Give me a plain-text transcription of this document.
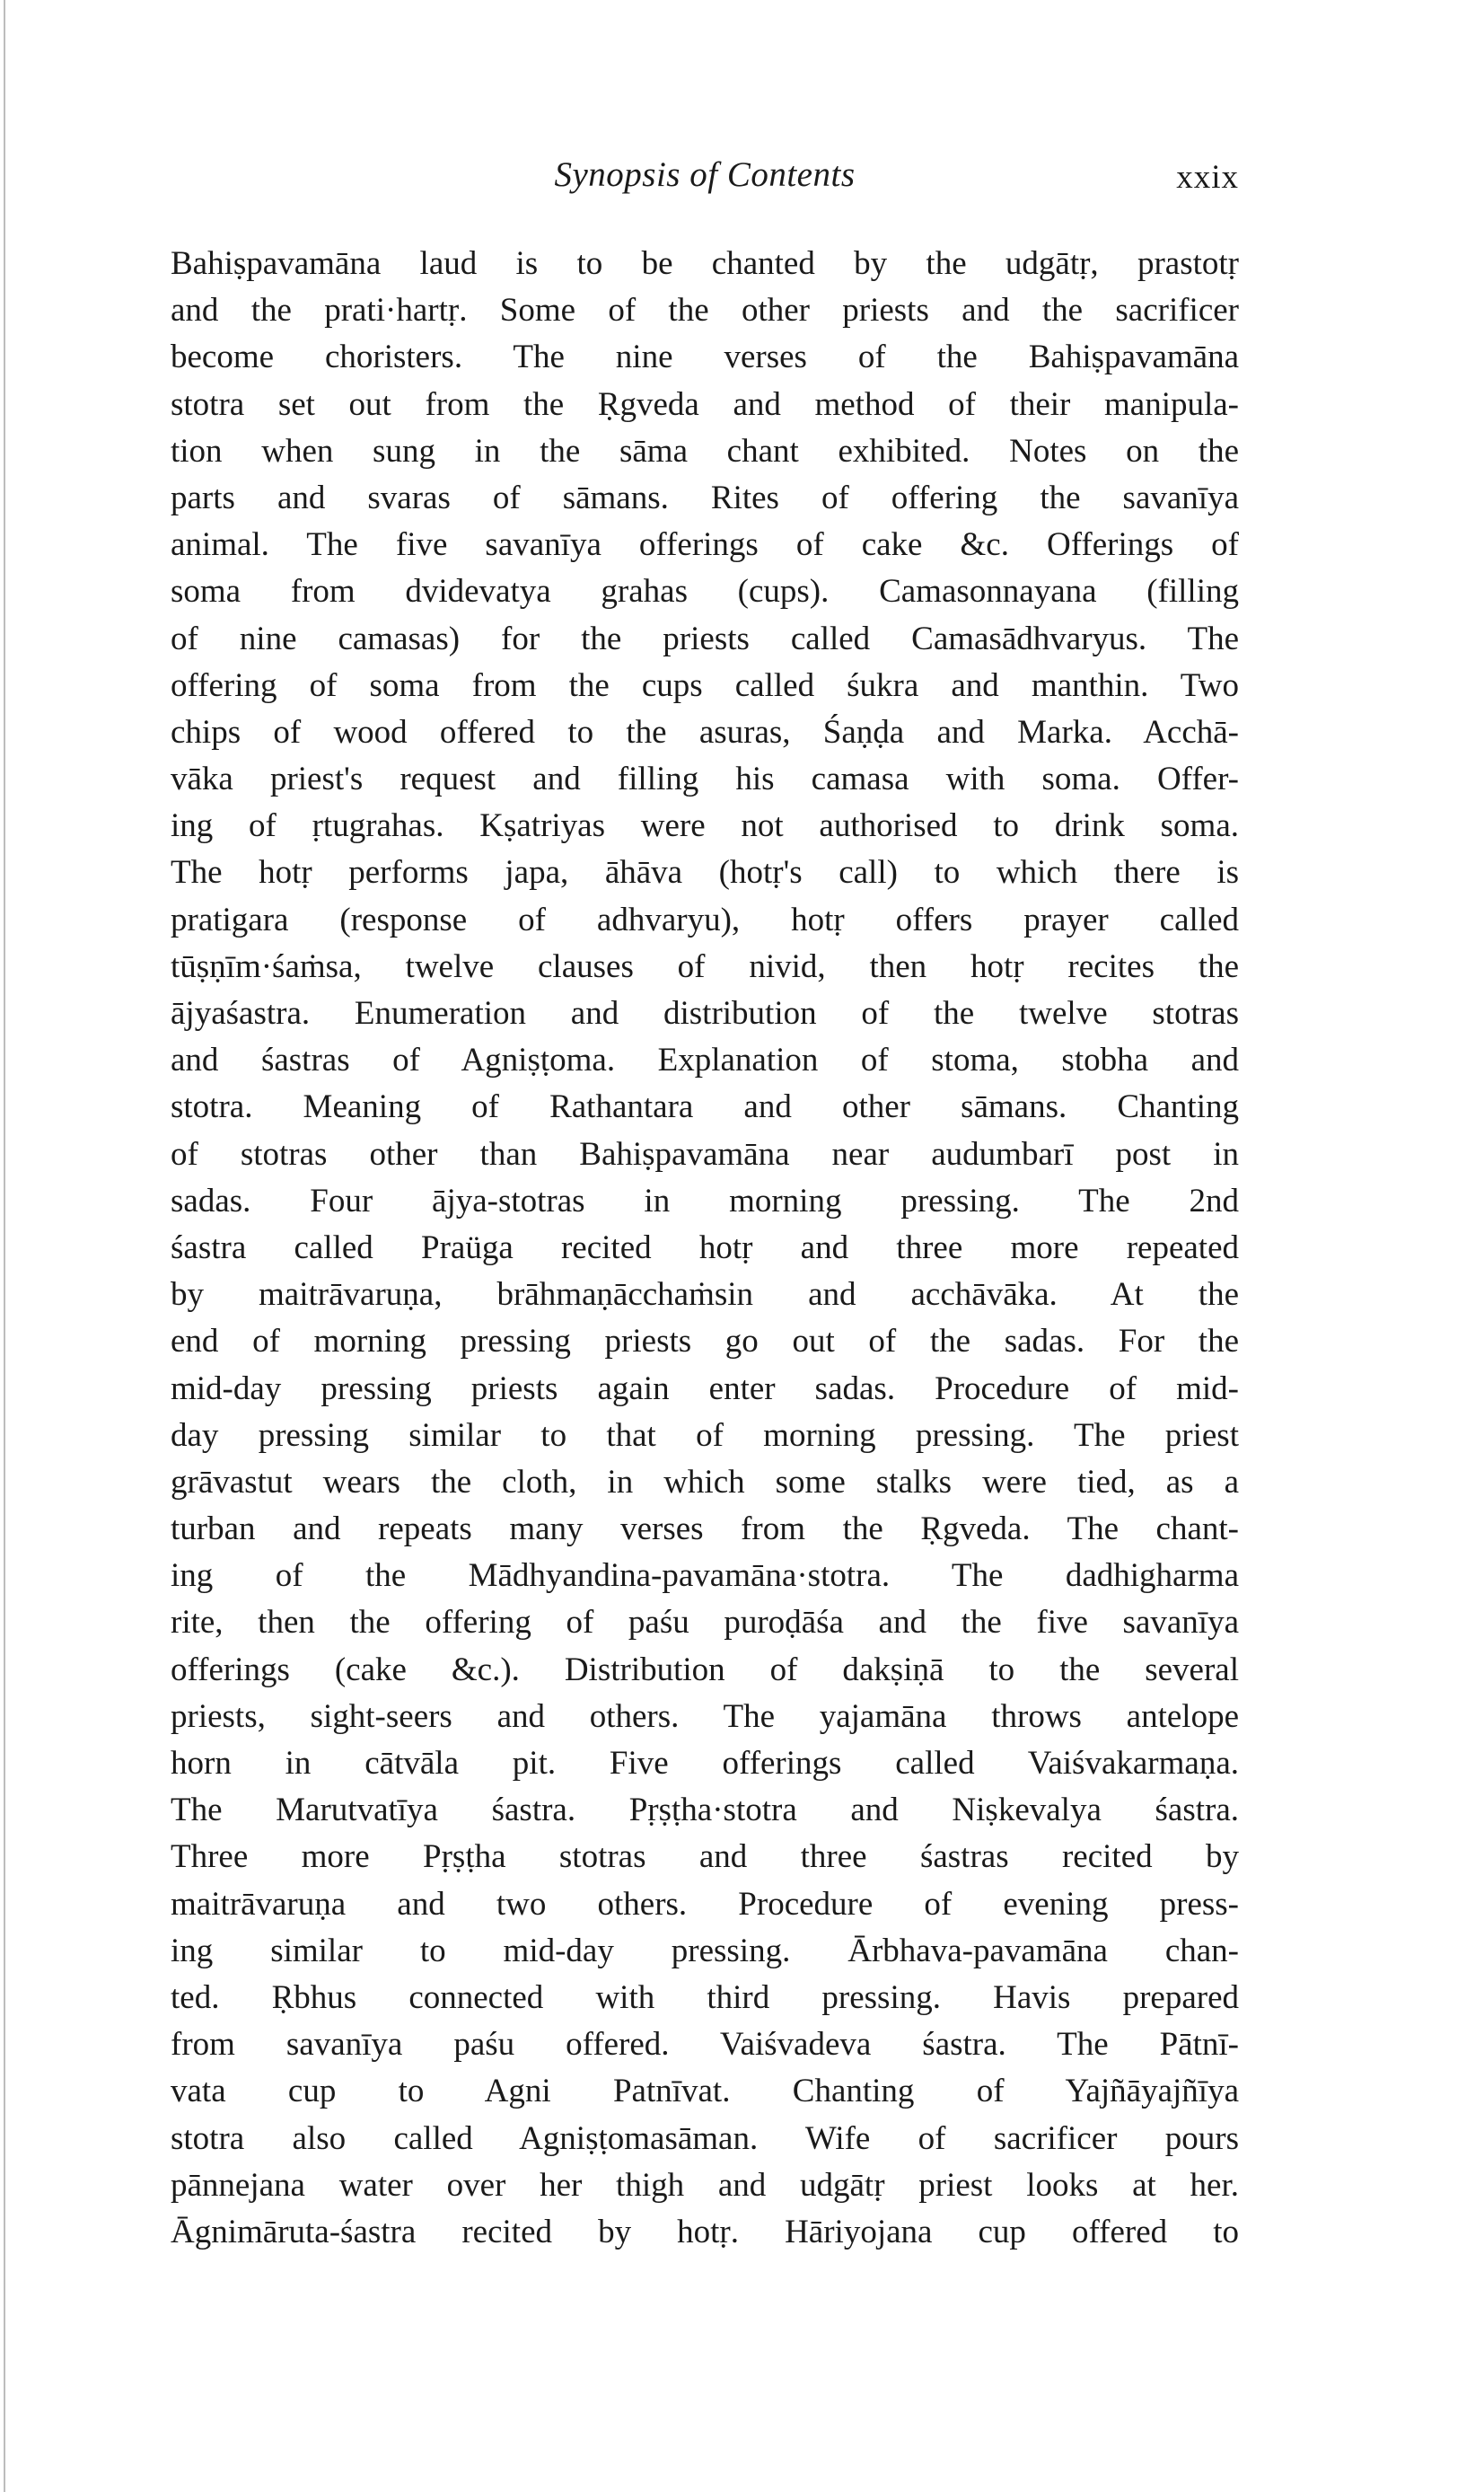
Synopsis of Contents	xxix
Bahiṣpavamāna laud is to be chanted by the udgātṛ, prastotṛ
and the prati·hartṛ. Some of the other priests and the sacrificer
become choristers. The nine verses of the Bahiṣpavamāna
stotra set out from the Ṛgveda and method of their manipula-
tion when sung in the sāma chant exhibited. Notes on the
parts and svaras of sāmans. Rites of offering the savanīya
animal. The five savanīya offerings of cake &c. Offerings of
soma from dvidevatya grahas (cups). Camasonnayana (filling
of nine camasas) for the priests called Camasādhvaryus. The
offering of soma from the cups called śukra and manthin. Two
chips of wood offered to the asuras, Śaṇḍa and Marka. Acchā-
vāka priest's request and filling his camasa with soma. Offer-
ing of ṛtugrahas. Kṣatriyas were not authorised to drink soma.
The hotṛ performs japa, āhāva (hotṛ's call) to which there is
pratigara (response of adhvaryu), hotṛ offers prayer called
tūṣṇīm·śaṁsa, twelve clauses of nivid, then hotṛ recites the
ājyaśastra. Enumeration and distribution of the twelve stotras
and śastras of Agniṣṭoma. Explanation of stoma, stobha and
stotra. Meaning of Rathantara and other sāmans. Chanting
of stotras other than Bahiṣpavamāna near audumbarī post in
sadas. Four ājya-stotras in morning pressing. The 2nd
śastra called Praüga recited hotṛ and three more repeated
by maitrāvaruṇa, brāhmaṇācchaṁsin and acchāvāka. At the
end of morning pressing priests go out of the sadas. For the
mid-day pressing priests again enter sadas. Procedure of mid-
day pressing similar to that of morning pressing. The priest
grāvastut wears the cloth, in which some stalks were tied, as a
turban and repeats many verses from the Ṛgveda. The chant-
ing of the Mādhyandina-pavamāna·stotra. The dadhigharma
rite, then the offering of paśu puroḍāśa and the five savanīya
offerings (cake &c.). Distribution of dakṣiṇā to the several
priests, sight-seers and others. The yajamāna throws antelope
horn in cātvāla pit. Five offerings called Vaiśvakarmaṇa.
The Marutvatīya śastra. Pṛṣṭha·stotra and Niṣkevalya śastra.
Three more Pṛṣṭha stotras and three śastras recited by
maitrāvaruṇa and two others. Procedure of evening press-
ing similar to mid-day pressing. Ārbhava-pavamāna chan-
ted. Ṛbhus connected with third pressing. Havis prepared
from savanīya paśu offered. Vaiśvadeva śastra. The Pātnī-
vata cup to Agni Patnīvat. Chanting of Yajñāyajñīya
stotra also called Agniṣṭomasāman. Wife of sacrificer pours
pānnejana water over her thigh and udgātṛ priest looks at her.
Āgnimāruta-śastra recited by hotṛ. Hāriyojana cup offered to
